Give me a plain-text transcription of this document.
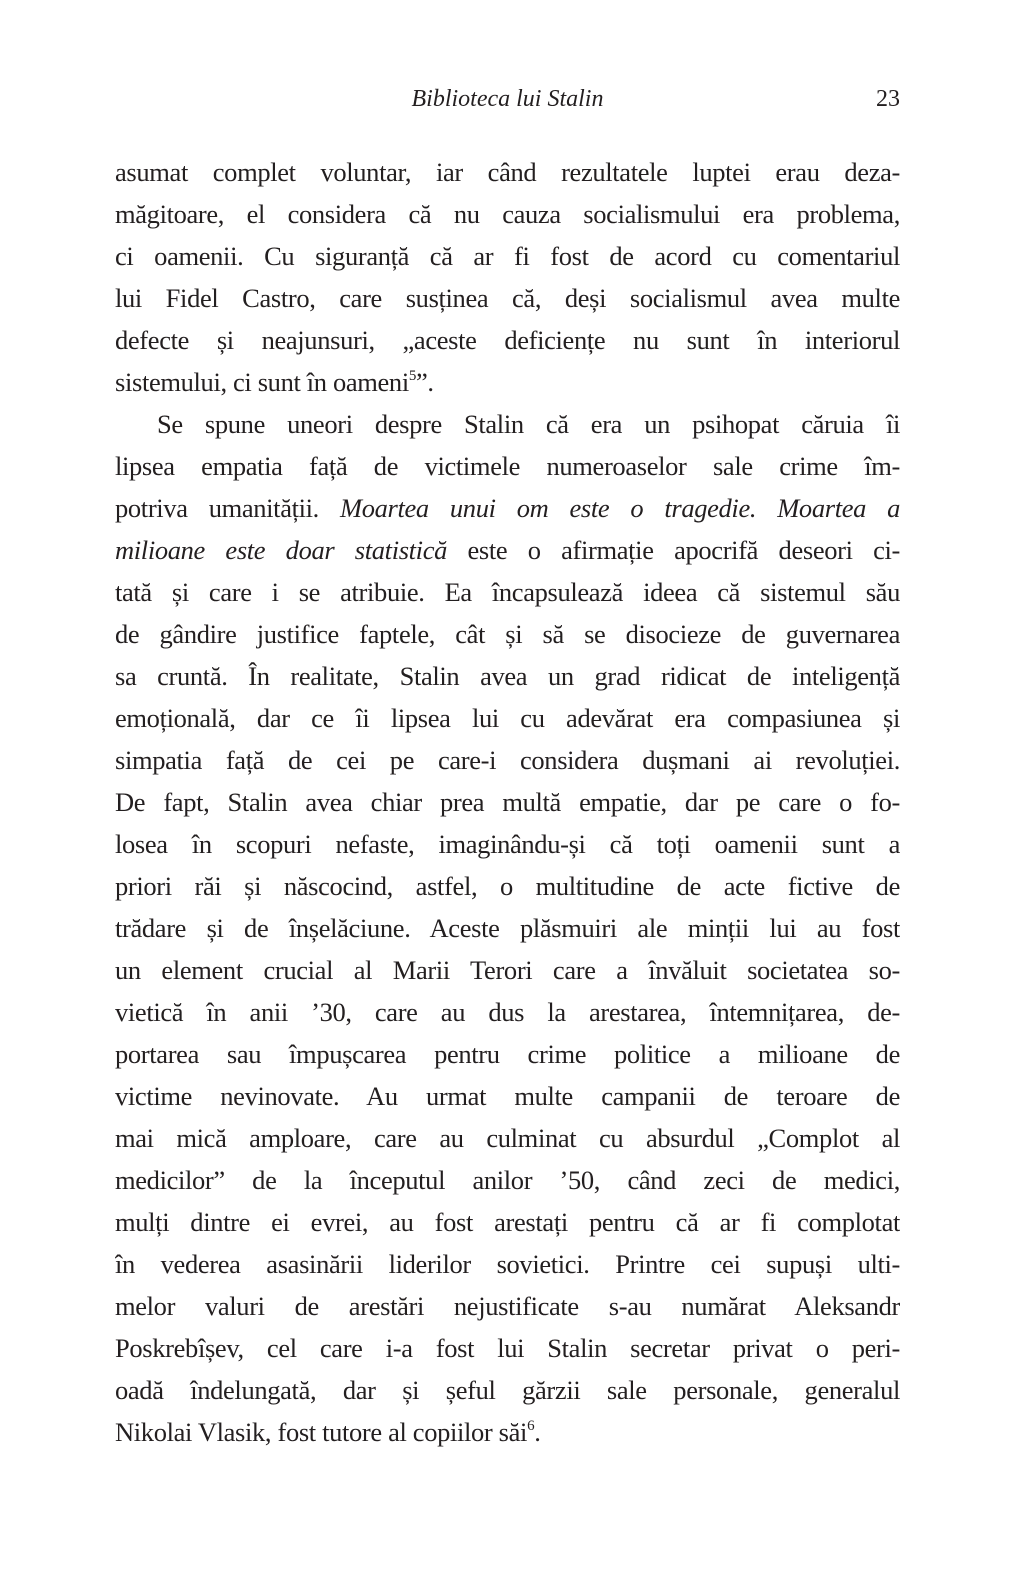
Biblioteca lui Stalin	23
asumat complet voluntar, iar când rezultatele luptei erau deza-
măgitoare, el considera că nu cauza socialismului era problema,
ci oamenii. Cu siguranță că ar fi fost de acord cu comentariul
lui Fidel Castro, care susținea că, deși socialismul avea multe
defecte și neajunsuri, „aceste deficiențe nu sunt în interiorul
sistemului, ci sunt în oameni$^5$”.
Se spune uneori despre Stalin că era un psihopat căruia îi
lipsea empatia față de victimele numeroaselor sale crime îm-
potriva umanității. Moartea unui om este o tragedie. Moartea a
milioane este doar statistică este o afirmație apocrifă deseori ci-
tată și care i se atribuie. Ea încapsulează ideea că sistemul său
de gândire justifice faptele, cât și să se disocieze de guvernarea
sa cruntă. În realitate, Stalin avea un grad ridicat de inteligență
emoțională, dar ce îi lipsea lui cu adevărat era compasiunea și
simpatia față de cei pe care-i considera dușmani ai revoluției.
De fapt, Stalin avea chiar prea multă empatie, dar pe care o fo-
losea în scopuri nefaste, imaginându-și că toți oamenii sunt a
priori răi și născocind, astfel, o multitudine de acte fictive de
trădare și de înșelăciune. Aceste plăsmuiri ale minții lui au fost
un element crucial al Marii Terori care a învăluit societatea so-
vietică în anii ’30, care au dus la arestarea, întemnițarea, de-
portarea sau împușcarea pentru crime politice a milioane de
victime nevinovate. Au urmat multe campanii de teroare de
mai mică amploare, care au culminat cu absurdul „Complot al
medicilor” de la începutul anilor ’50, când zeci de medici,
mulți dintre ei evrei, au fost arestați pentru că ar fi complotat
în vederea asasinării liderilor sovietici. Printre cei supuși ulti-
melor valuri de arestări nejustificate s-au numărat Aleksandr
Poskrebîșev, cel care i-a fost lui Stalin secretar privat o peri-
oadă îndelungată, dar și șeful gărzii sale personale, generalul
Nikolai Vlasik, fost tutore al copiilor săi$^6$.
